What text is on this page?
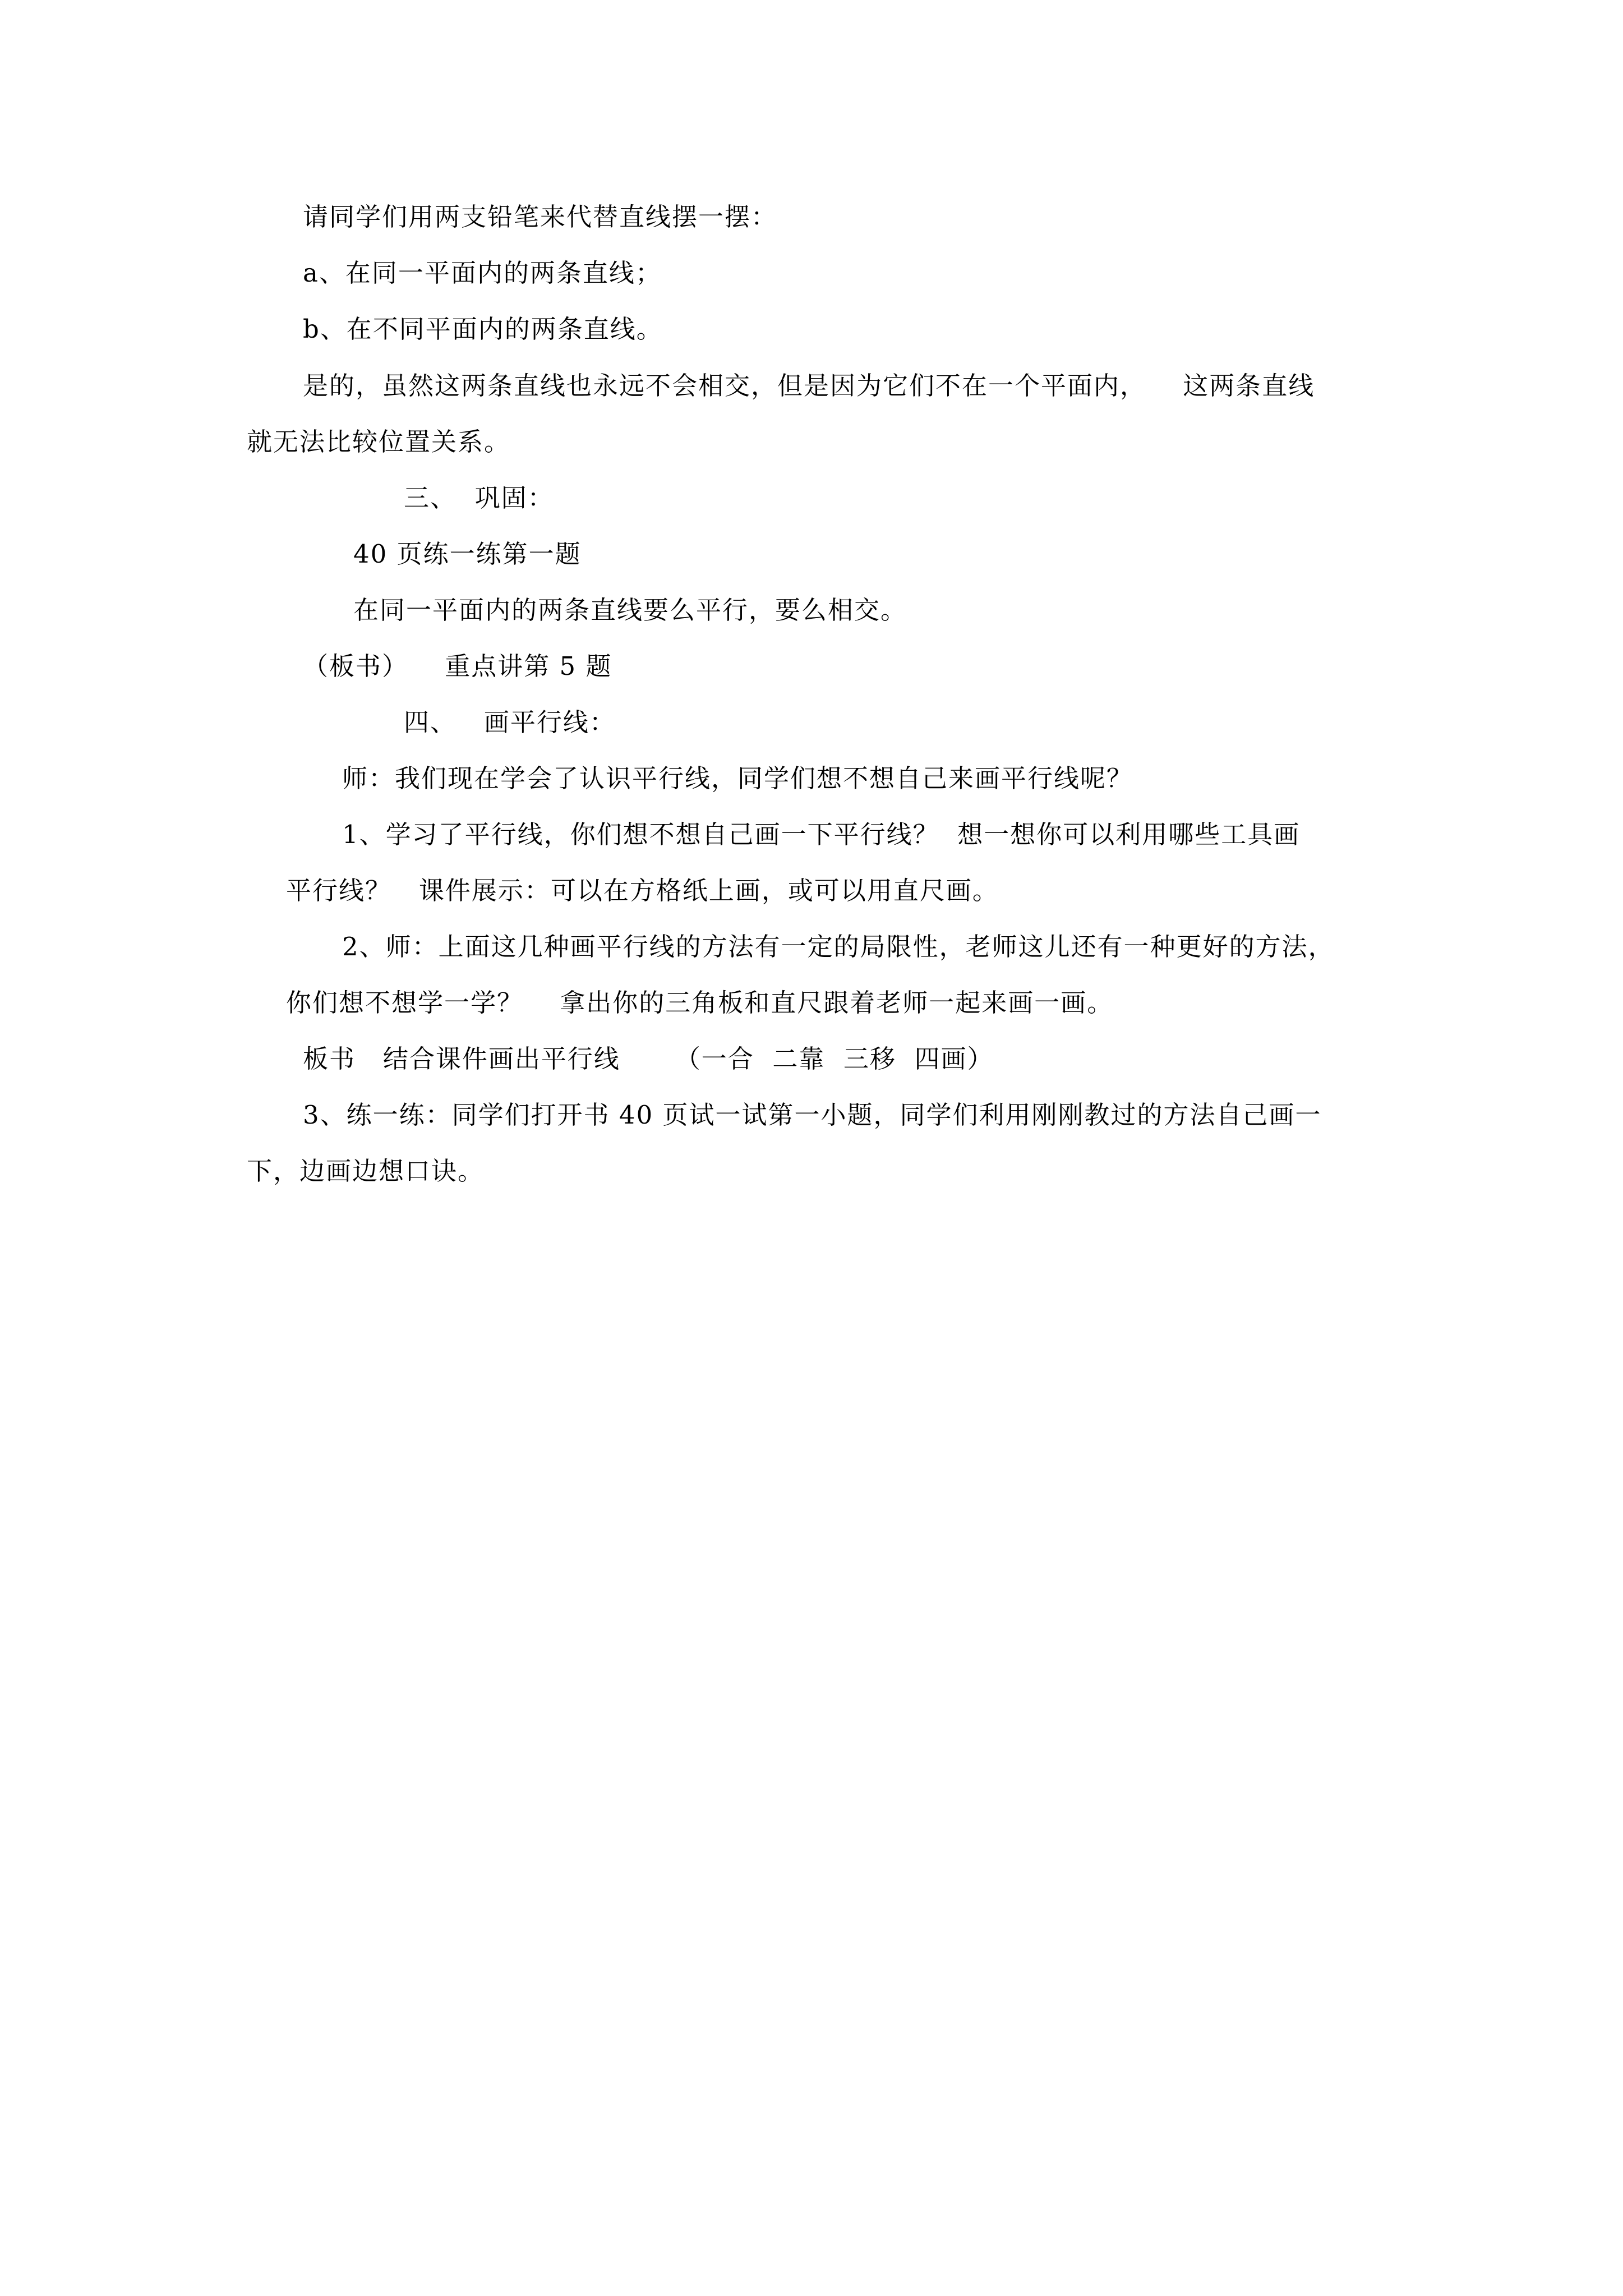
请同学们用两支铅笔来代替直线摆一摆：
a、在同一平面内的两条直线；
b、在不同平面内的两条直线。
是的，虽然这两条直线也永远不会相交，但是因为它们不在一个平面内，    这两条直线
就无法比较位置关系。
三、  巩固：
40 页练一练第一题
在同一平面内的两条直线要么平行，要么相交。
（板书）    重点讲第 5 题
四、   画平行线：
师：我们现在学会了认识平行线，同学们想不想自己来画平行线呢？
1、学习了平行线，你们想不想自己画一下平行线？  想一想你可以利用哪些工具画
平行线？   课件展示：可以在方格纸上画，或可以用直尺画。
2、师：上面这几种画平行线的方法有一定的局限性，老师这儿还有一种更好的方法，
你们想不想学一学？    拿出你的三角板和直尺跟着老师一起来画一画。
板书   结合课件画出平行线      （一合  二靠  三移  四画）
3、练一练：同学们打开书 40 页试一试第一小题，同学们利用刚刚教过的方法自己画一
下，边画边想口诀。
